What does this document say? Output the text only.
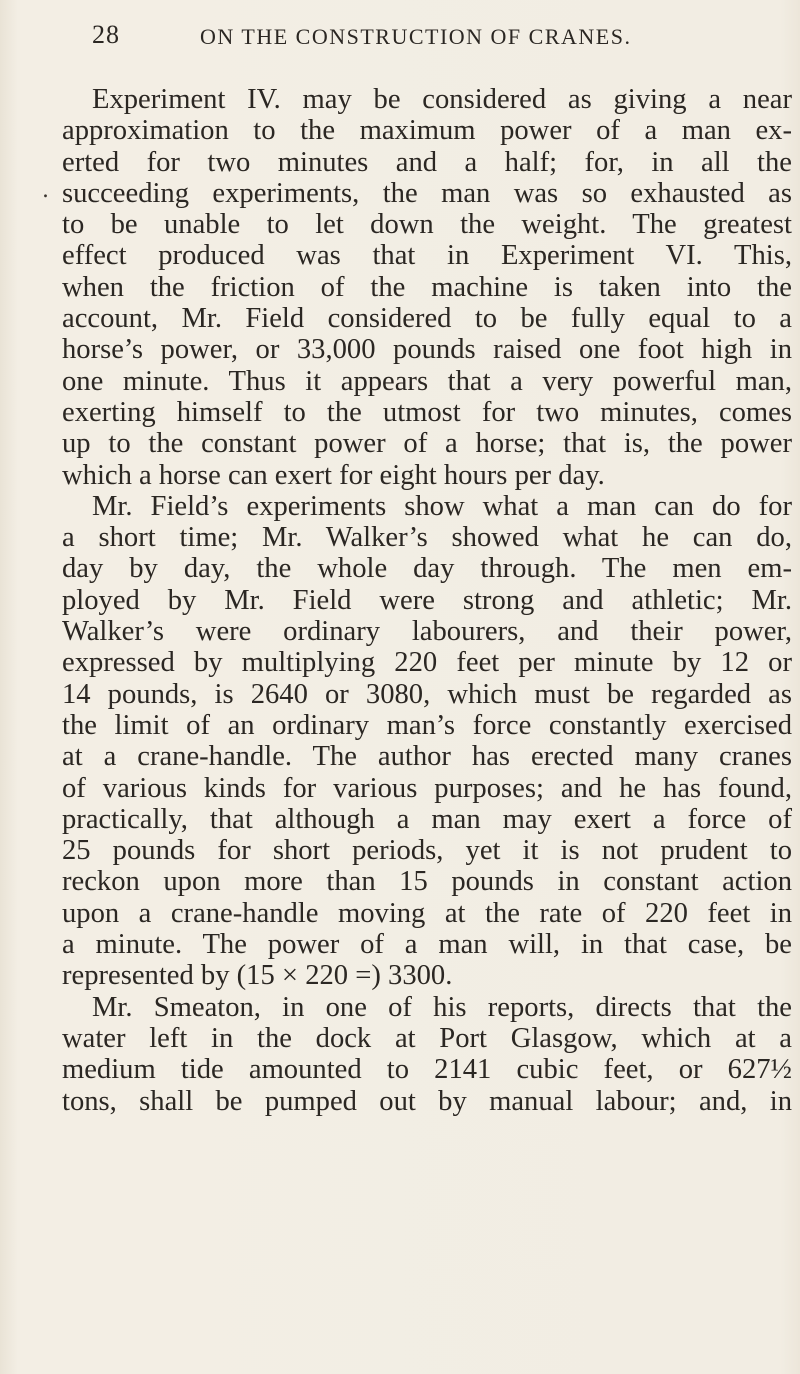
28	ON THE CONSTRUCTION OF CRANES.
.
Experiment IV. may be considered as giving a near
approximation to the maximum power of a man ex-
erted for two minutes and a half; for, in all the
succeeding experiments, the man was so exhausted as
to be unable to let down the weight. The greatest
effect produced was that in Experiment VI. This,
when the friction of the machine is taken into the
account, Mr. Field considered to be fully equal to a
horse’s power, or 33,000 pounds raised one foot high in
one minute. Thus it appears that a very powerful man,
exerting himself to the utmost for two minutes, comes
up to the constant power of a horse; that is, the power
which a horse can exert for eight hours per day.
Mr. Field’s experiments show what a man can do for
a short time; Mr. Walker’s showed what he can do,
day by day, the whole day through. The men em-
ployed by Mr. Field were strong and athletic; Mr.
Walker’s were ordinary labourers, and their power,
expressed by multiplying 220 feet per minute by 12 or
14 pounds, is 2640 or 3080, which must be regarded as
the limit of an ordinary man’s force constantly exercised
at a crane-handle. The author has erected many cranes
of various kinds for various purposes; and he has found,
practically, that although a man may exert a force of
25 pounds for short periods, yet it is not prudent to
reckon upon more than 15 pounds in constant action
upon a crane-handle moving at the rate of 220 feet in
a minute. The power of a man will, in that case, be
represented by (15 × 220 =) 3300.
Mr. Smeaton, in one of his reports, directs that the
water left in the dock at Port Glasgow, which at a
medium tide amounted to 2141 cubic feet, or 627½
tons, shall be pumped out by manual labour; and, in
